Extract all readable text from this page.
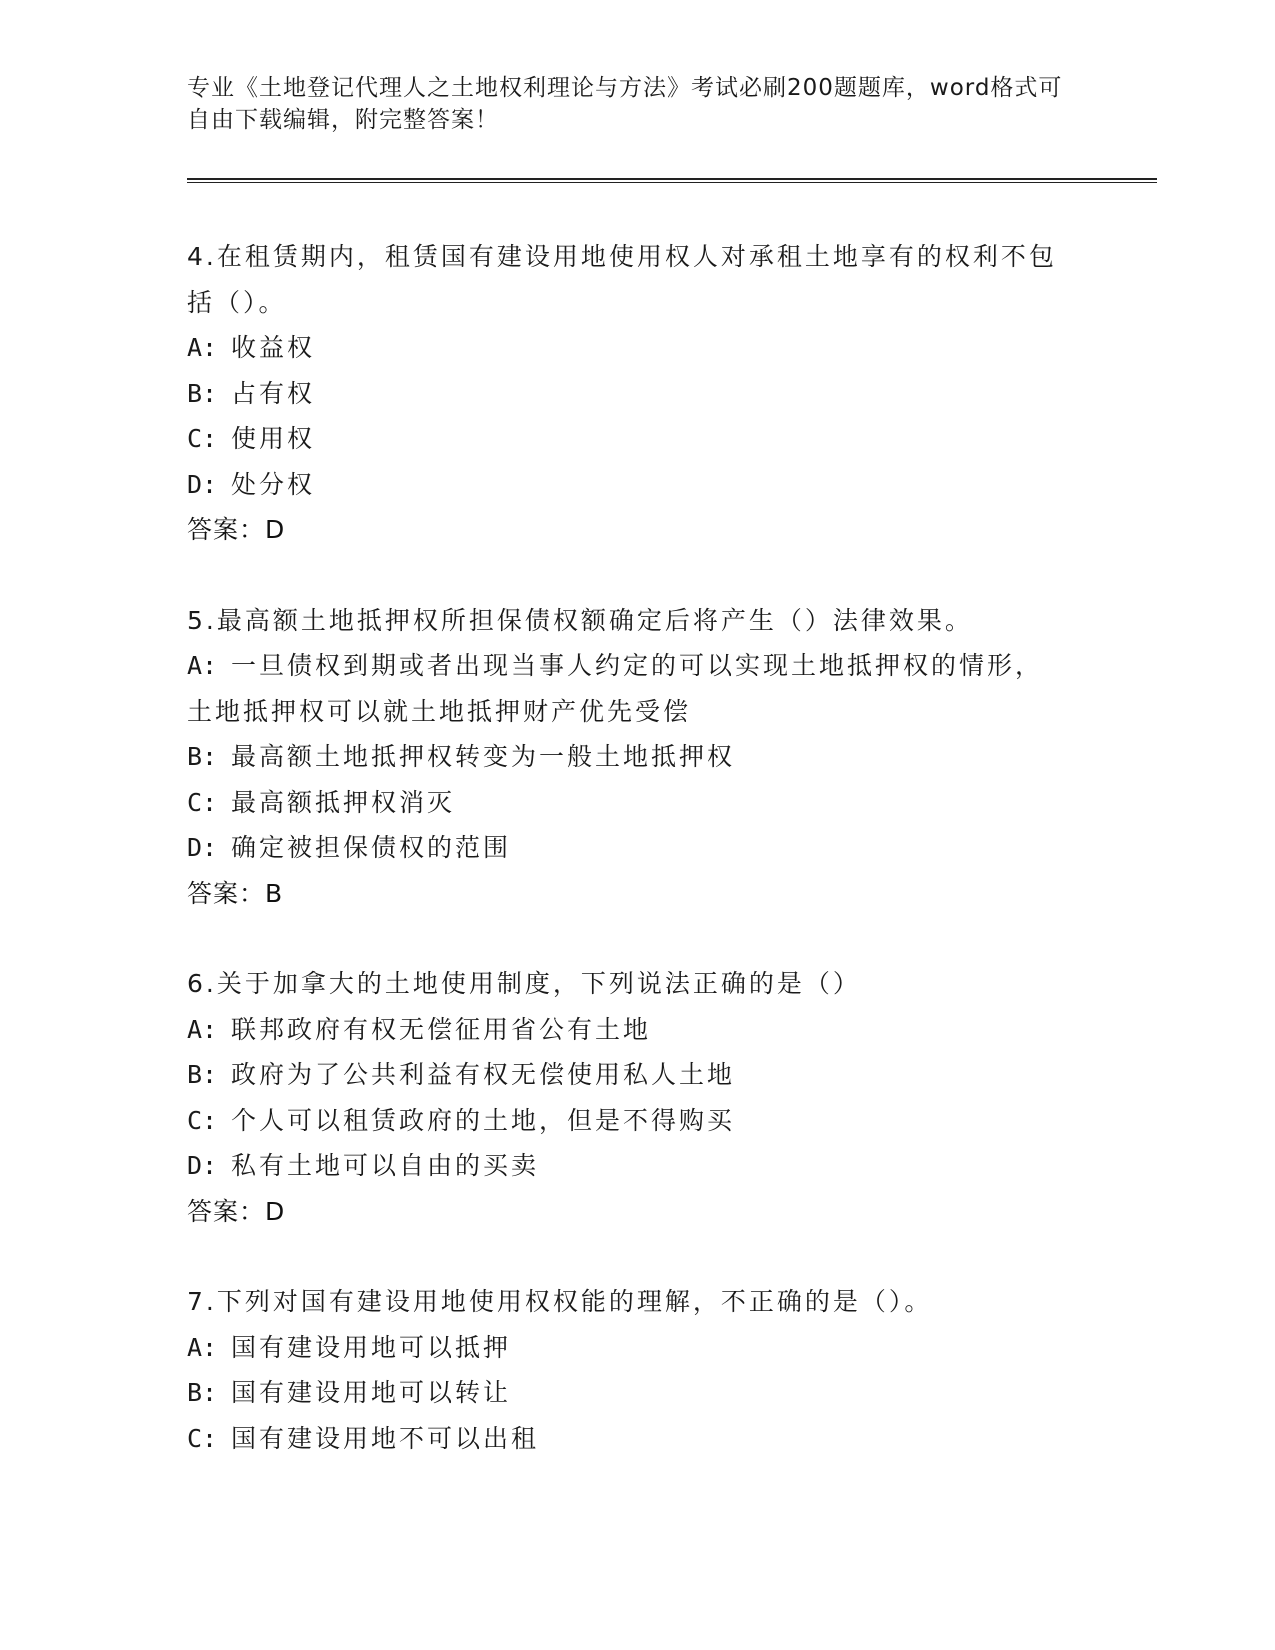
专业《土地登记代理人之土地权利理论与方法》考试必刷200题题库，word格式可自由下载编辑，附完整答案！
4.在租赁期内，租赁国有建设用地使用权人对承租土地享有的权利不包括（）。
A: 收益权
B: 占有权
C: 使用权
D: 处分权
答案：D
5.最高额土地抵押权所担保债权额确定后将产生（）法律效果。
A: 一旦债权到期或者出现当事人约定的可以实现土地抵押权的情形，土地抵押权可以就土地抵押财产优先受偿
B: 最高额土地抵押权转变为一般土地抵押权
C: 最高额抵押权消灭
D: 确定被担保债权的范围
答案：B
6.关于加拿大的土地使用制度，下列说法正确的是（）
A: 联邦政府有权无偿征用省公有土地
B: 政府为了公共利益有权无偿使用私人土地
C: 个人可以租赁政府的土地，但是不得购买
D: 私有土地可以自由的买卖
答案：D
7.下列对国有建设用地使用权权能的理解，不正确的是（）。
A: 国有建设用地可以抵押
B: 国有建设用地可以转让
C: 国有建设用地不可以出租
